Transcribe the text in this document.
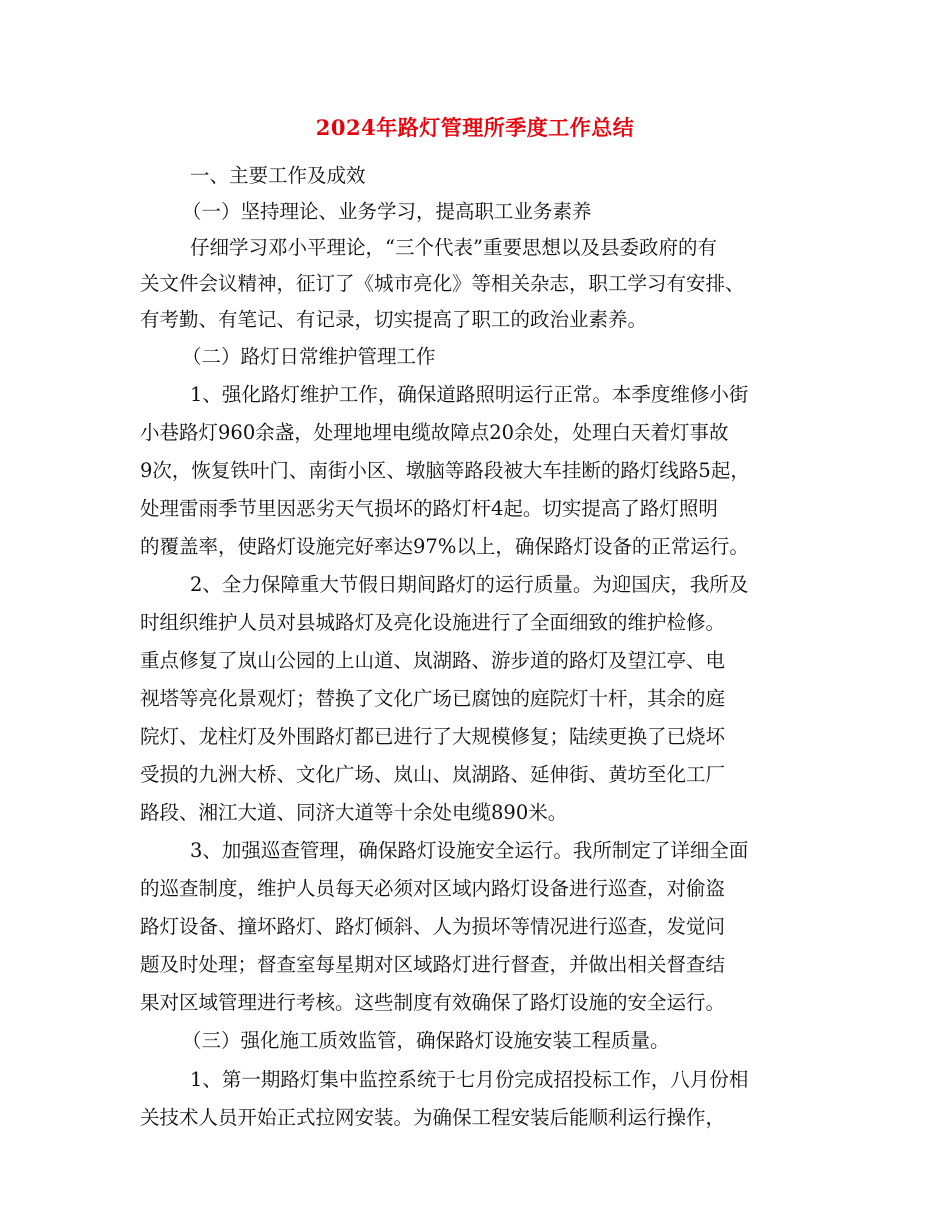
2024年路灯管理所季度工作总结
一、主要工作及成效
（一）坚持理论、业务学习，提高职工业务素养
仔细学习邓小平理论，“三个代表”重要思想以及县委政府的有
关文件会议精神，征订了《城市亮化》等相关杂志，职工学习有安排、
有考勤、有笔记、有记录，切实提高了职工的政治业素养。
（二）路灯日常维护管理工作
1、强化路灯维护工作，确保道路照明运行正常。本季度维修小街
小巷路灯960余盏，处理地埋电缆故障点20余处，处理白天着灯事故
9次，恢复铁叶门、南街小区、墩脑等路段被大车挂断的路灯线路5起，
处理雷雨季节里因恶劣天气损坏的路灯杆4起。切实提高了路灯照明
的覆盖率，使路灯设施完好率达97%以上，确保路灯设备的正常运行。
2、全力保障重大节假日期间路灯的运行质量。为迎国庆，我所及
时组织维护人员对县城路灯及亮化设施进行了全面细致的维护检修。
重点修复了岚山公园的上山道、岚湖路、游步道的路灯及望江亭、电
视塔等亮化景观灯；替换了文化广场已腐蚀的庭院灯十杆，其余的庭
院灯、龙柱灯及外围路灯都已进行了大规模修复；陆续更换了已烧坏
受损的九洲大桥、文化广场、岚山、岚湖路、延伸街、黄坊至化工厂
路段、湘江大道、同济大道等十余处电缆890米。
3、加强巡查管理，确保路灯设施安全运行。我所制定了详细全面
的巡查制度，维护人员每天必须对区域内路灯设备进行巡查，对偷盗
路灯设备、撞坏路灯、路灯倾斜、人为损坏等情况进行巡查，发觉问
题及时处理；督查室每星期对区域路灯进行督查，并做出相关督查结
果对区域管理进行考核。这些制度有效确保了路灯设施的安全运行。
（三）强化施工质效监管，确保路灯设施安装工程质量。
1、第一期路灯集中监控系统于七月份完成招投标工作，八月份相
关技术人员开始正式拉网安装。为确保工程安装后能顺利运行操作，
